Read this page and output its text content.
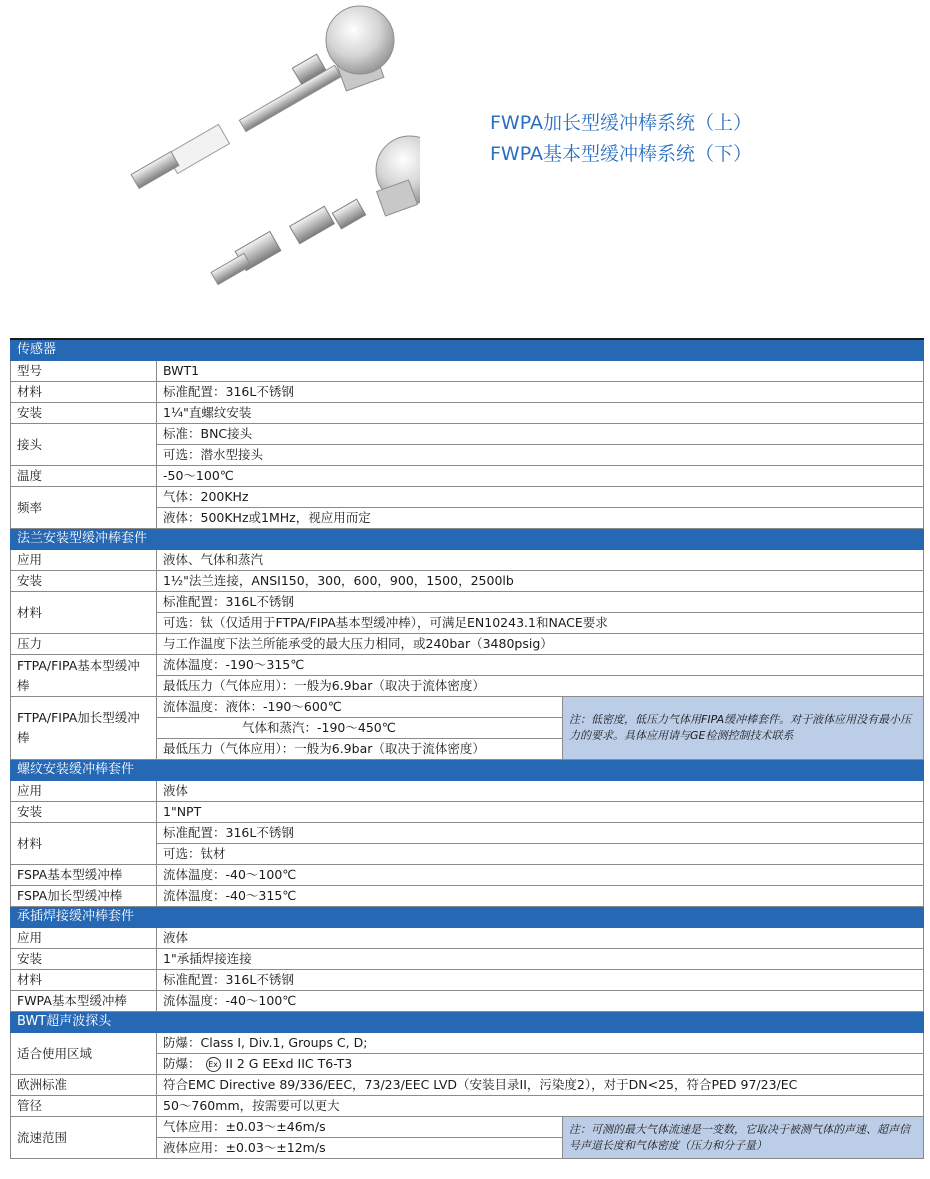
FWPA加长型缓冲棒系统（上）
FWPA基本型缓冲棒系统（下）
传感器		
型号	BWT1	
材料	标准配置：316L不锈钢	
安装	1¼"直螺纹安装	
接头	标准：BNC接头	
	可选：潜水型接头	
温度	-50～100℃	
频率	气体：200KHz	
	液体：500KHz或1MHz，视应用而定	
法兰安装型缓冲棒套件		
应用	液体、气体和蒸汽	
安装	1½"法兰连接，ANSI150，300，600，900，1500，2500lb	
材料	标准配置：316L不锈钢	
	可选：钛（仅适用于FTPA/FIPA基本型缓冲棒），可满足EN10243.1和NACE要求	
压力	与工作温度下法兰所能承受的最大压力相同，或240bar（3480psig）	
FTPA/FIPA基本型缓冲棒	流体温度：-190～315℃	
	最低压力（气体应用）：一般为6.9bar（取决于流体密度）	
FTPA/FIPA加长型缓冲棒	流体温度：液体：-190～600℃	注：低密度，低压力气体用FIPA缓冲棒套件。对于液体应用没有最小压力的要求。具体应用请与GE检测控制技术联系
	气体和蒸汽：-190～450℃	
	最低压力（气体应用）：一般为6.9bar（取决于流体密度）	
螺纹安装缓冲棒套件		
应用	液体	
安装	1"NPT	
材料	标准配置：316L不锈钢	
	可选：钛材	
FSPA基本型缓冲棒	流体温度：-40～100℃	
FSPA加长型缓冲棒	流体温度：-40～315℃	
承插焊接缓冲棒套件		
应用	液体	
安装	1"承插焊接连接	
材料	标准配置：316L不锈钢	
FWPA基本型缓冲棒	流体温度：-40～100℃	
BWT超声波探头		
适合使用区域	防爆：Class I, Div.1, Groups C, D;	
	防爆： Ex II 2 G EExd IIC T6-T3	
欧洲标准	符合EMC Directive 89/336/EEC，73/23/EEC LVD（安装目录II，污染度2），对于DN<25，符合PED 97/23/EC	
管径	50～760mm，按需要可以更大	
流速范围	气体应用：±0.03～±46m/s	注：可测的最大气体流速是一变数，它取决于被测气体的声速、超声信号声道长度和气体密度（压力和分子量）
	液体应用：±0.03～±12m/s	
